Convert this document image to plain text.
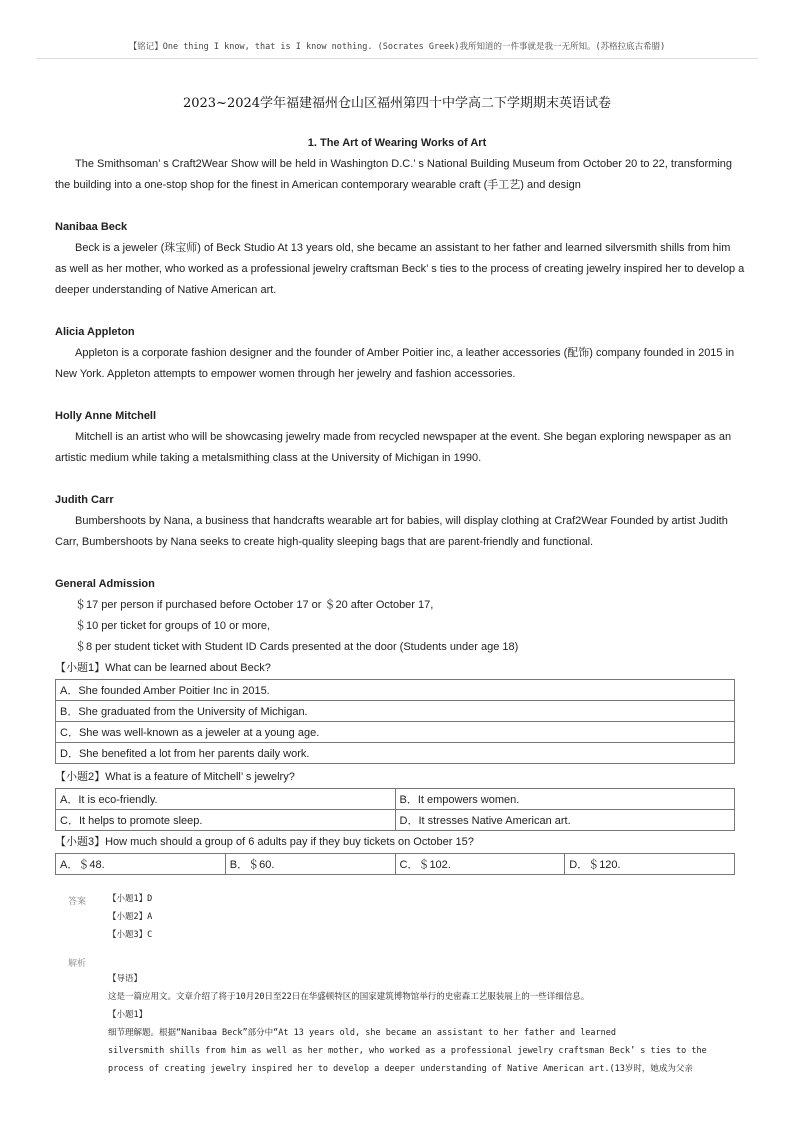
【铭记】One thing I know, that is I know nothing. (Socrates Greek)我所知道的一件事就是我一无所知。(苏格拉底古希腊)
2023~2024学年福建福州仓山区福州第四十中学高二下学期期末英语试卷
1. The Art of Wearing Works of Art
The Smithsoman’ s Craft2Wear Show will be held in Washington D.C.’ s National Building Museum from October 20 to 22, transforming the building into a one-stop shop for the finest in American contemporary wearable craft (手工艺) and design
Nanibaa Beck
Beck is a jeweler (珠宝师) of Beck Studio At 13 years old, she became an assistant to her father and learned silversmith shills from him as well as her mother, who worked as a professional jewelry craftsman Beck’ s ties to the process of creating jewelry inspired her to develop a deeper understanding of Native American art.
Alicia Appleton
Appleton is a corporate fashion designer and the founder of Amber Poitier inc, a leather accessories (配饰) company founded in 2015 in New York. Appleton attempts to empower women through her jewelry and fashion accessories.
Holly Anne Mitchell
Mitchell is an artist who will be showcasing jewelry made from recycled newspaper at the event. She began exploring newspaper as an artistic medium while taking a metalsmithing class at the University of Michigan in 1990.
Judith Carr
Bumbershoots by Nana, a business that handcrafts wearable art for babies, will display clothing at Craf2Wear Founded by artist Judith Carr, Bumbershoots by Nana seeks to create high-quality sleeping bags that are parent-friendly and functional.
General Admission
＄17 per person if purchased before October 17 or ＄20 after October 17,
＄10 per ticket for groups of 10 or more,
＄8 per student ticket with Student ID Cards presented at the door (Students under age 18)
【小题1】What can be learned about Beck?
A．She founded Amber Poitier Inc in 2015.
B．She graduated from the University of Michigan.
C．She was well-known as a jeweler at a young age.
D．She benefited a lot from her parents daily work.
【小题2】What is a feature of Mitchell’ s jewelry?
A．It is eco-friendly.	B．It empowers women.
C．It helps to promote sleep.	D．It stresses Native American art.
【小题3】How much should a group of 6 adults pay if they buy tickets on October 15?
A．＄48.	B．＄60.	C．＄102.	D．＄120.
答案	【小题1】D
【小题2】A
【小题3】C
解析
【导语】
这是一篇应用文。文章介绍了将于10月20日至22日在华盛顿特区的国家建筑博物馆举行的史密森工艺服装展上的一些详细信息。
【小题1】
细节理解题。根据“Nanibaa Beck”部分中“At 13 years old, she became an assistant to her father and learned
silversmith shills from him as well as her mother, who worked as a professional jewelry craftsman Beck’ s ties to the
process of creating jewelry inspired her to develop a deeper understanding of Native American art.(13岁时，她成为父亲
